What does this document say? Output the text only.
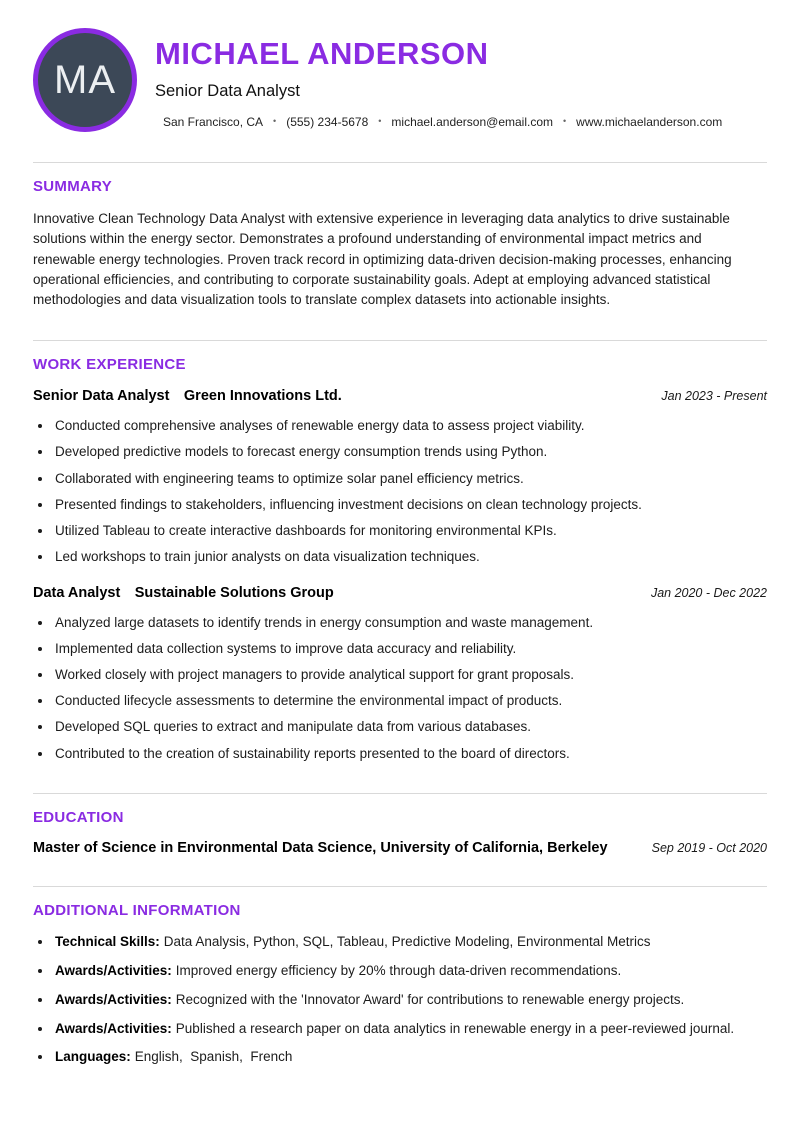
MA
MICHAEL ANDERSON
Senior Data Analyst
San Francisco, CA • (555) 234-5678 • michael.anderson@email.com • www.michaelanderson.com
SUMMARY

Innovative Clean Technology Data Analyst with extensive experience in leveraging data analytics to drive sustainable solutions within the energy sector. Demonstrates a profound understanding of environmental impact metrics and renewable energy technologies. Proven track record in optimizing data-driven decision-making processes, enhancing operational efficiencies, and contributing to corporate sustainability goals. Adept at employing advanced statistical methodologies and data visualization tools to translate complex datasets into actionable insights.

WORK EXPERIENCE
Senior Data Analyst Green Innovations Ltd.	Jan 2023 - Present
• Conducted comprehensive analyses of renewable energy data to assess project viability.
• Developed predictive models to forecast energy consumption trends using Python.
• Collaborated with engineering teams to optimize solar panel efficiency metrics.
• Presented findings to stakeholders, influencing investment decisions on clean technology projects.
• Utilized Tableau to create interactive dashboards for monitoring environmental KPIs.
• Led workshops to train junior analysts on data visualization techniques.
Data Analyst Sustainable Solutions Group	Jan 2020 - Dec 2022
• Analyzed large datasets to identify trends in energy consumption and waste management.
• Implemented data collection systems to improve data accuracy and reliability.
• Worked closely with project managers to provide analytical support for grant proposals.
• Conducted lifecycle assessments to determine the environmental impact of products.
• Developed SQL queries to extract and manipulate data from various databases.
• Contributed to the creation of sustainability reports presented to the board of directors.
EDUCATION
Master of Science in Environmental Data Science, University of California, Berkeley	Sep 2019 - Oct 2020
ADDITIONAL INFORMATION
• Technical Skills: Data Analysis, Python, SQL, Tableau, Predictive Modeling, Environmental Metrics
• Awards/Activities: Improved energy efficiency by 20% through data-driven recommendations.
• Awards/Activities: Recognized with the 'Innovator Award' for contributions to renewable energy projects.
• Awards/Activities: Published a research paper on data analytics in renewable energy in a peer-reviewed journal.
• Languages: English,  Spanish,  French
